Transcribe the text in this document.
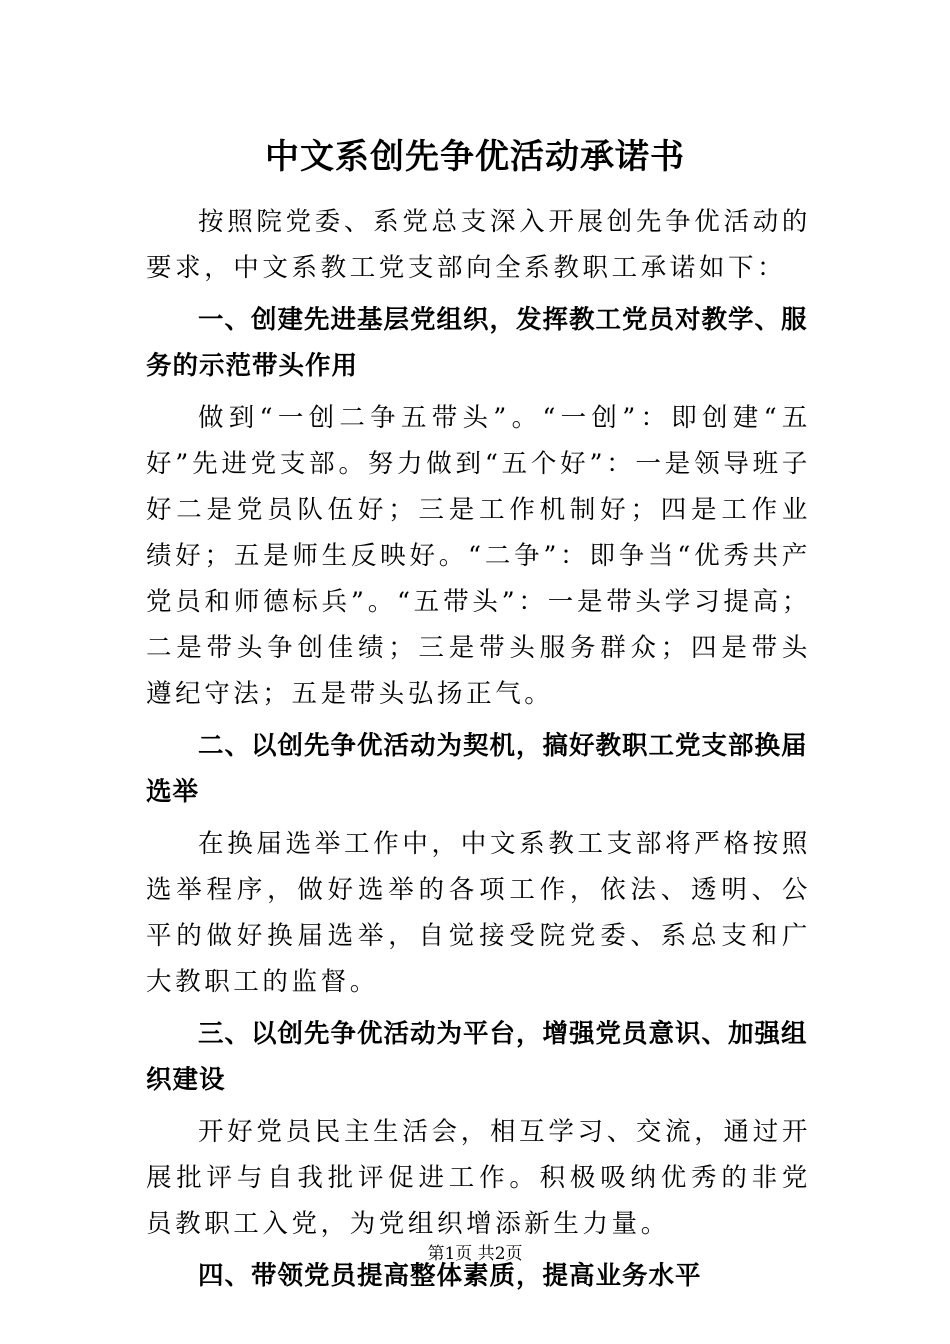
中文系创先争优活动承诺书

按照院党委、系党总支深入开展创先争优活动的要求，中文系教工党支部向全系教职工承诺如下：

一、创建先进基层党组织，发挥教工党员对教学、服务的示范带头作用

做到“一创二争五带头”。“一创”：即创建“五好”先进党支部。努力做到“五个好”：一是领导班子好二是党员队伍好；三是工作机制好；四是工作业绩好；五是师生反映好。“二争”：即争当“优秀共产党员和师德标兵”。“五带头”：一是带头学习提高；二是带头争创佳绩；三是带头服务群众；四是带头遵纪守法；五是带头弘扬正气。

二、以创先争优活动为契机，搞好教职工党支部换届选举

在换届选举工作中，中文系教工支部将严格按照选举程序，做好选举的各项工作，依法、透明、公平的做好换届选举，自觉接受院党委、系总支和广大教职工的监督。

三、以创先争优活动为平台，增强党员意识、加强组织建设

开好党员民主生活会，相互学习、交流，通过开展批评与自我批评促进工作。积极吸纳优秀的非党员教职工入党，为党组织增添新生力量。

四、带领党员提高整体素质，提高业务水平

第1页 共2页
